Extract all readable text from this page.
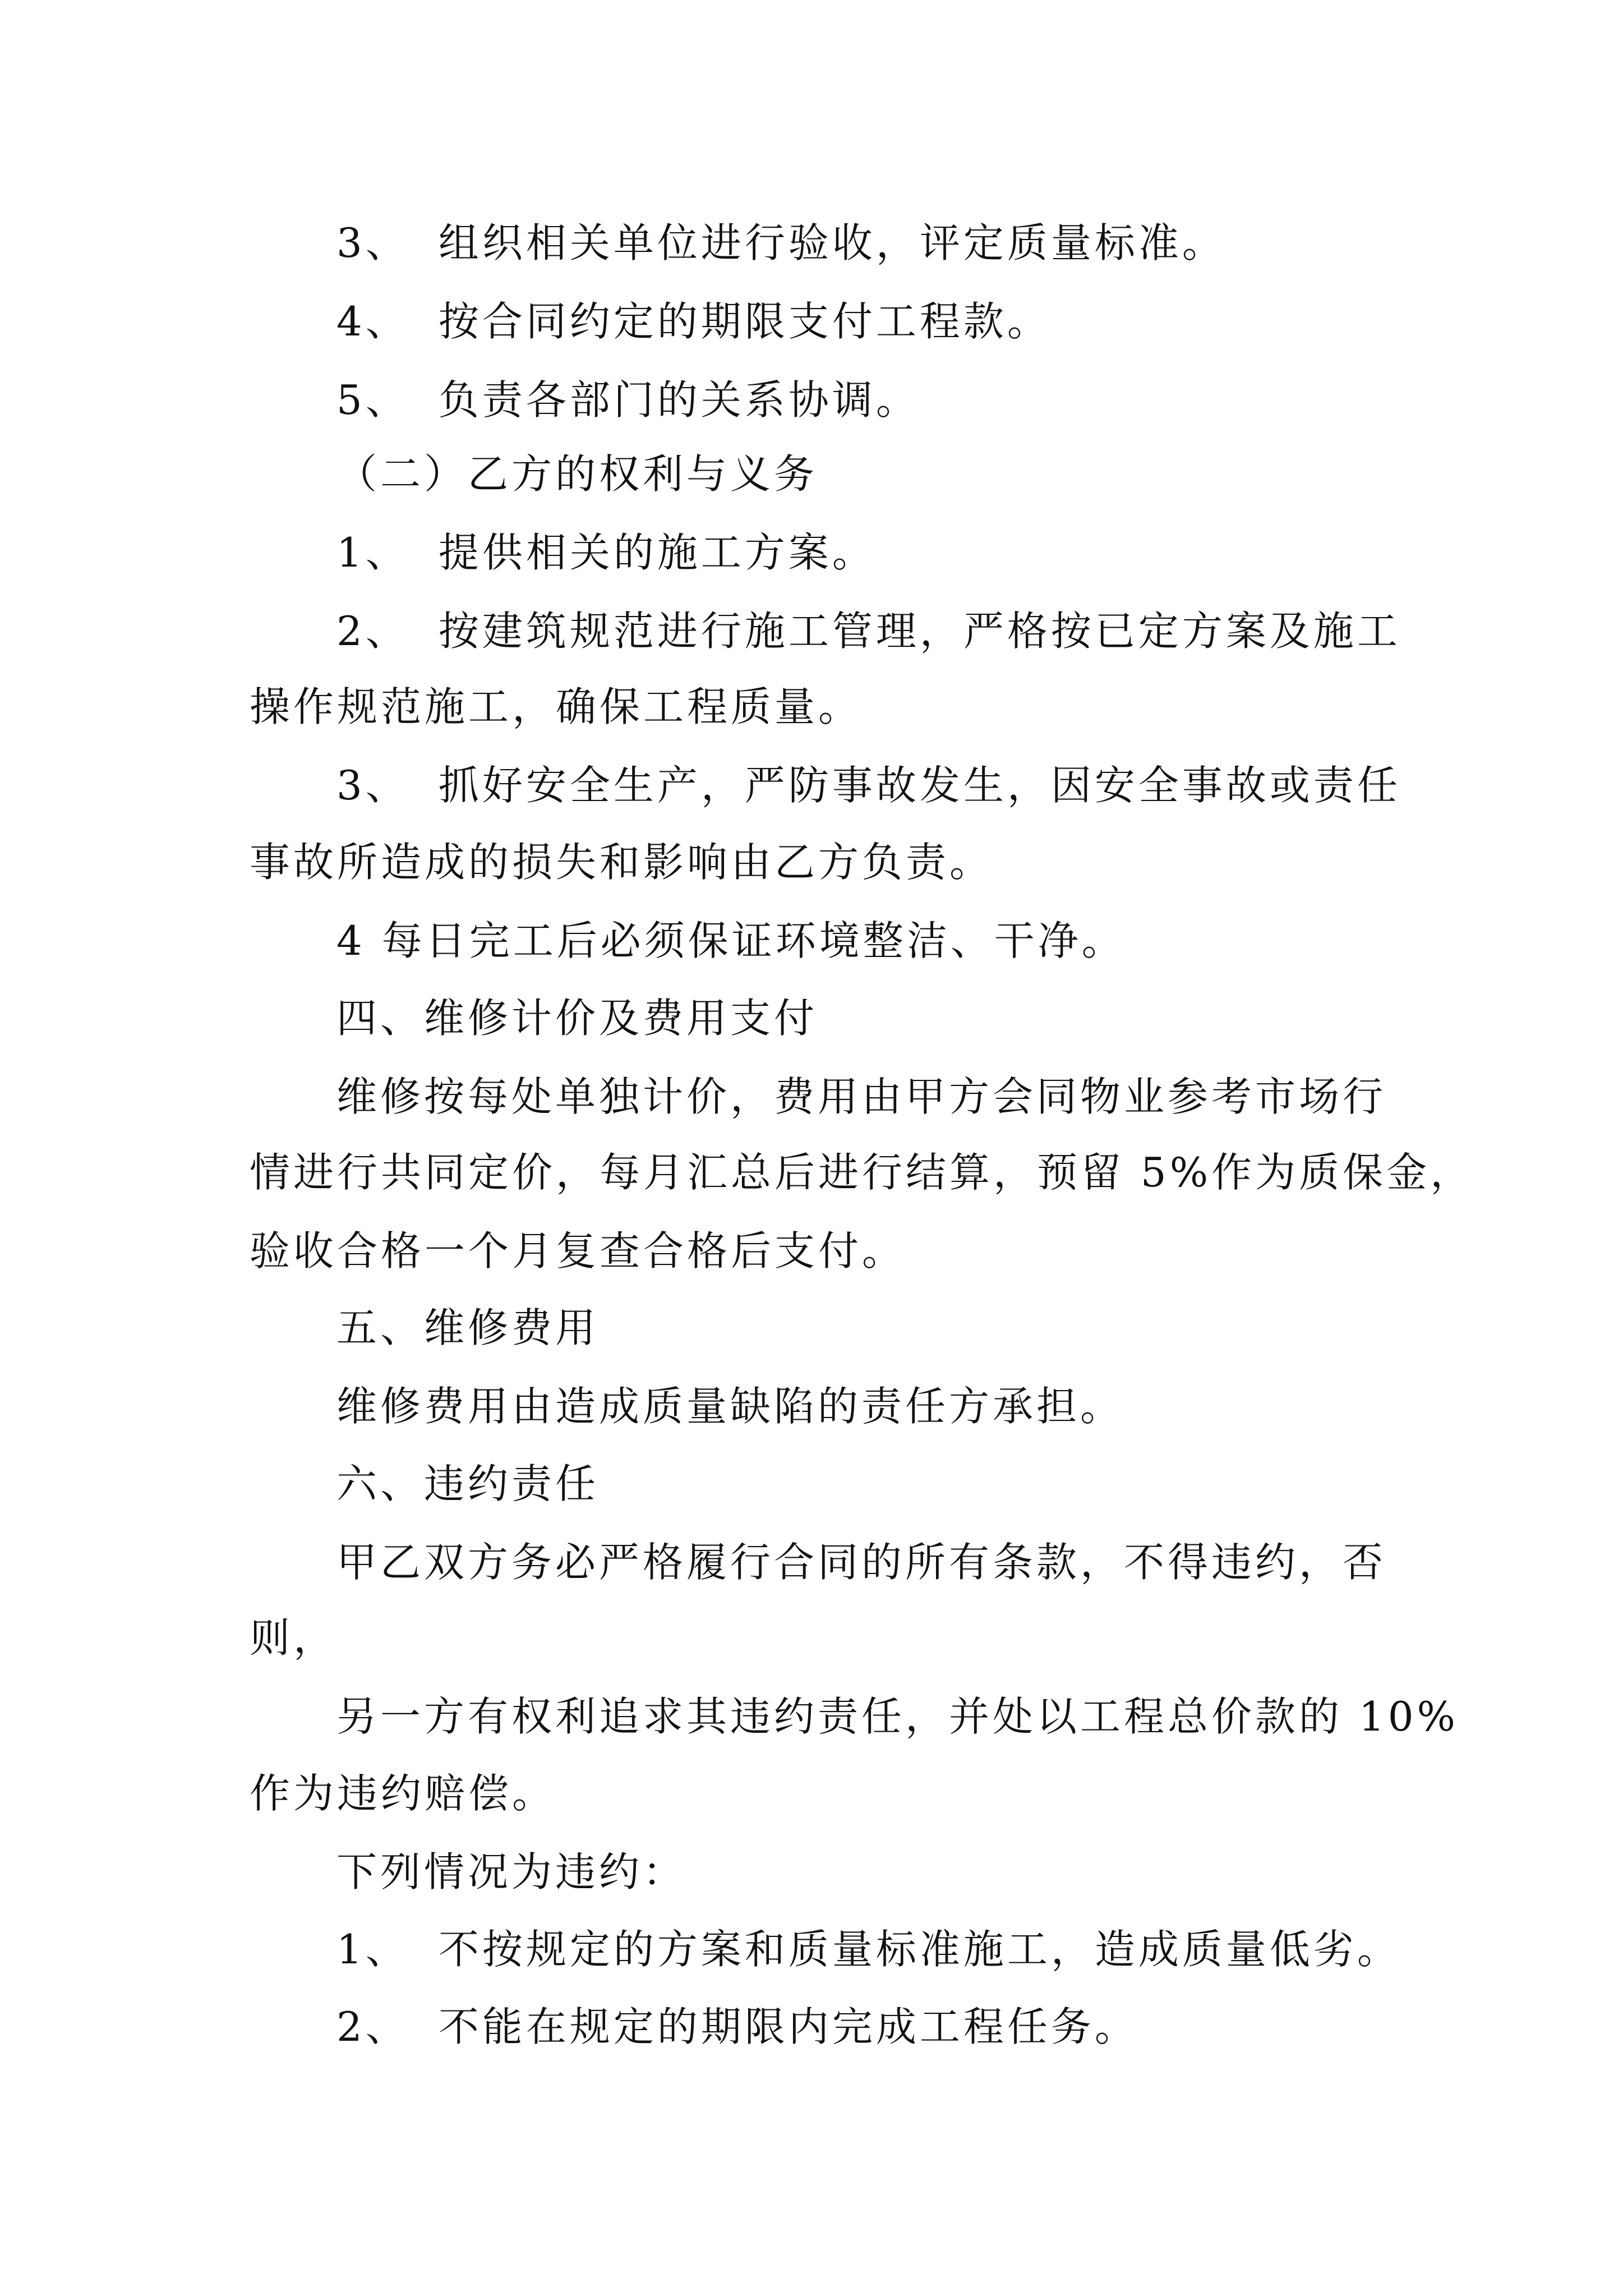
3、 组织相关单位进行验收，评定质量标准。
4、 按合同约定的期限支付工程款。
5、 负责各部门的关系协调。
（二）乙方的权利与义务
1、 提供相关的施工方案。
2、 按建筑规范进行施工管理，严格按已定方案及施工
操作规范施工，确保工程质量。
3、 抓好安全生产，严防事故发生，因安全事故或责任
事故所造成的损失和影响由乙方负责。
4 每日完工后必须保证环境整洁、干净。
四、维修计价及费用支付
维修按每处单独计价，费用由甲方会同物业参考市场行
情进行共同定价，每月汇总后进行结算，预留 5%作为质保金，
验收合格一个月复查合格后支付。
五、维修费用
维修费用由造成质量缺陷的责任方承担。
六、违约责任
甲乙双方务必严格履行合同的所有条款，不得违约，否
则，
另一方有权利追求其违约责任，并处以工程总价款的 10%
作为违约赔偿。
下列情况为违约：
1、 不按规定的方案和质量标准施工，造成质量低劣。
2、 不能在规定的期限内完成工程任务。
